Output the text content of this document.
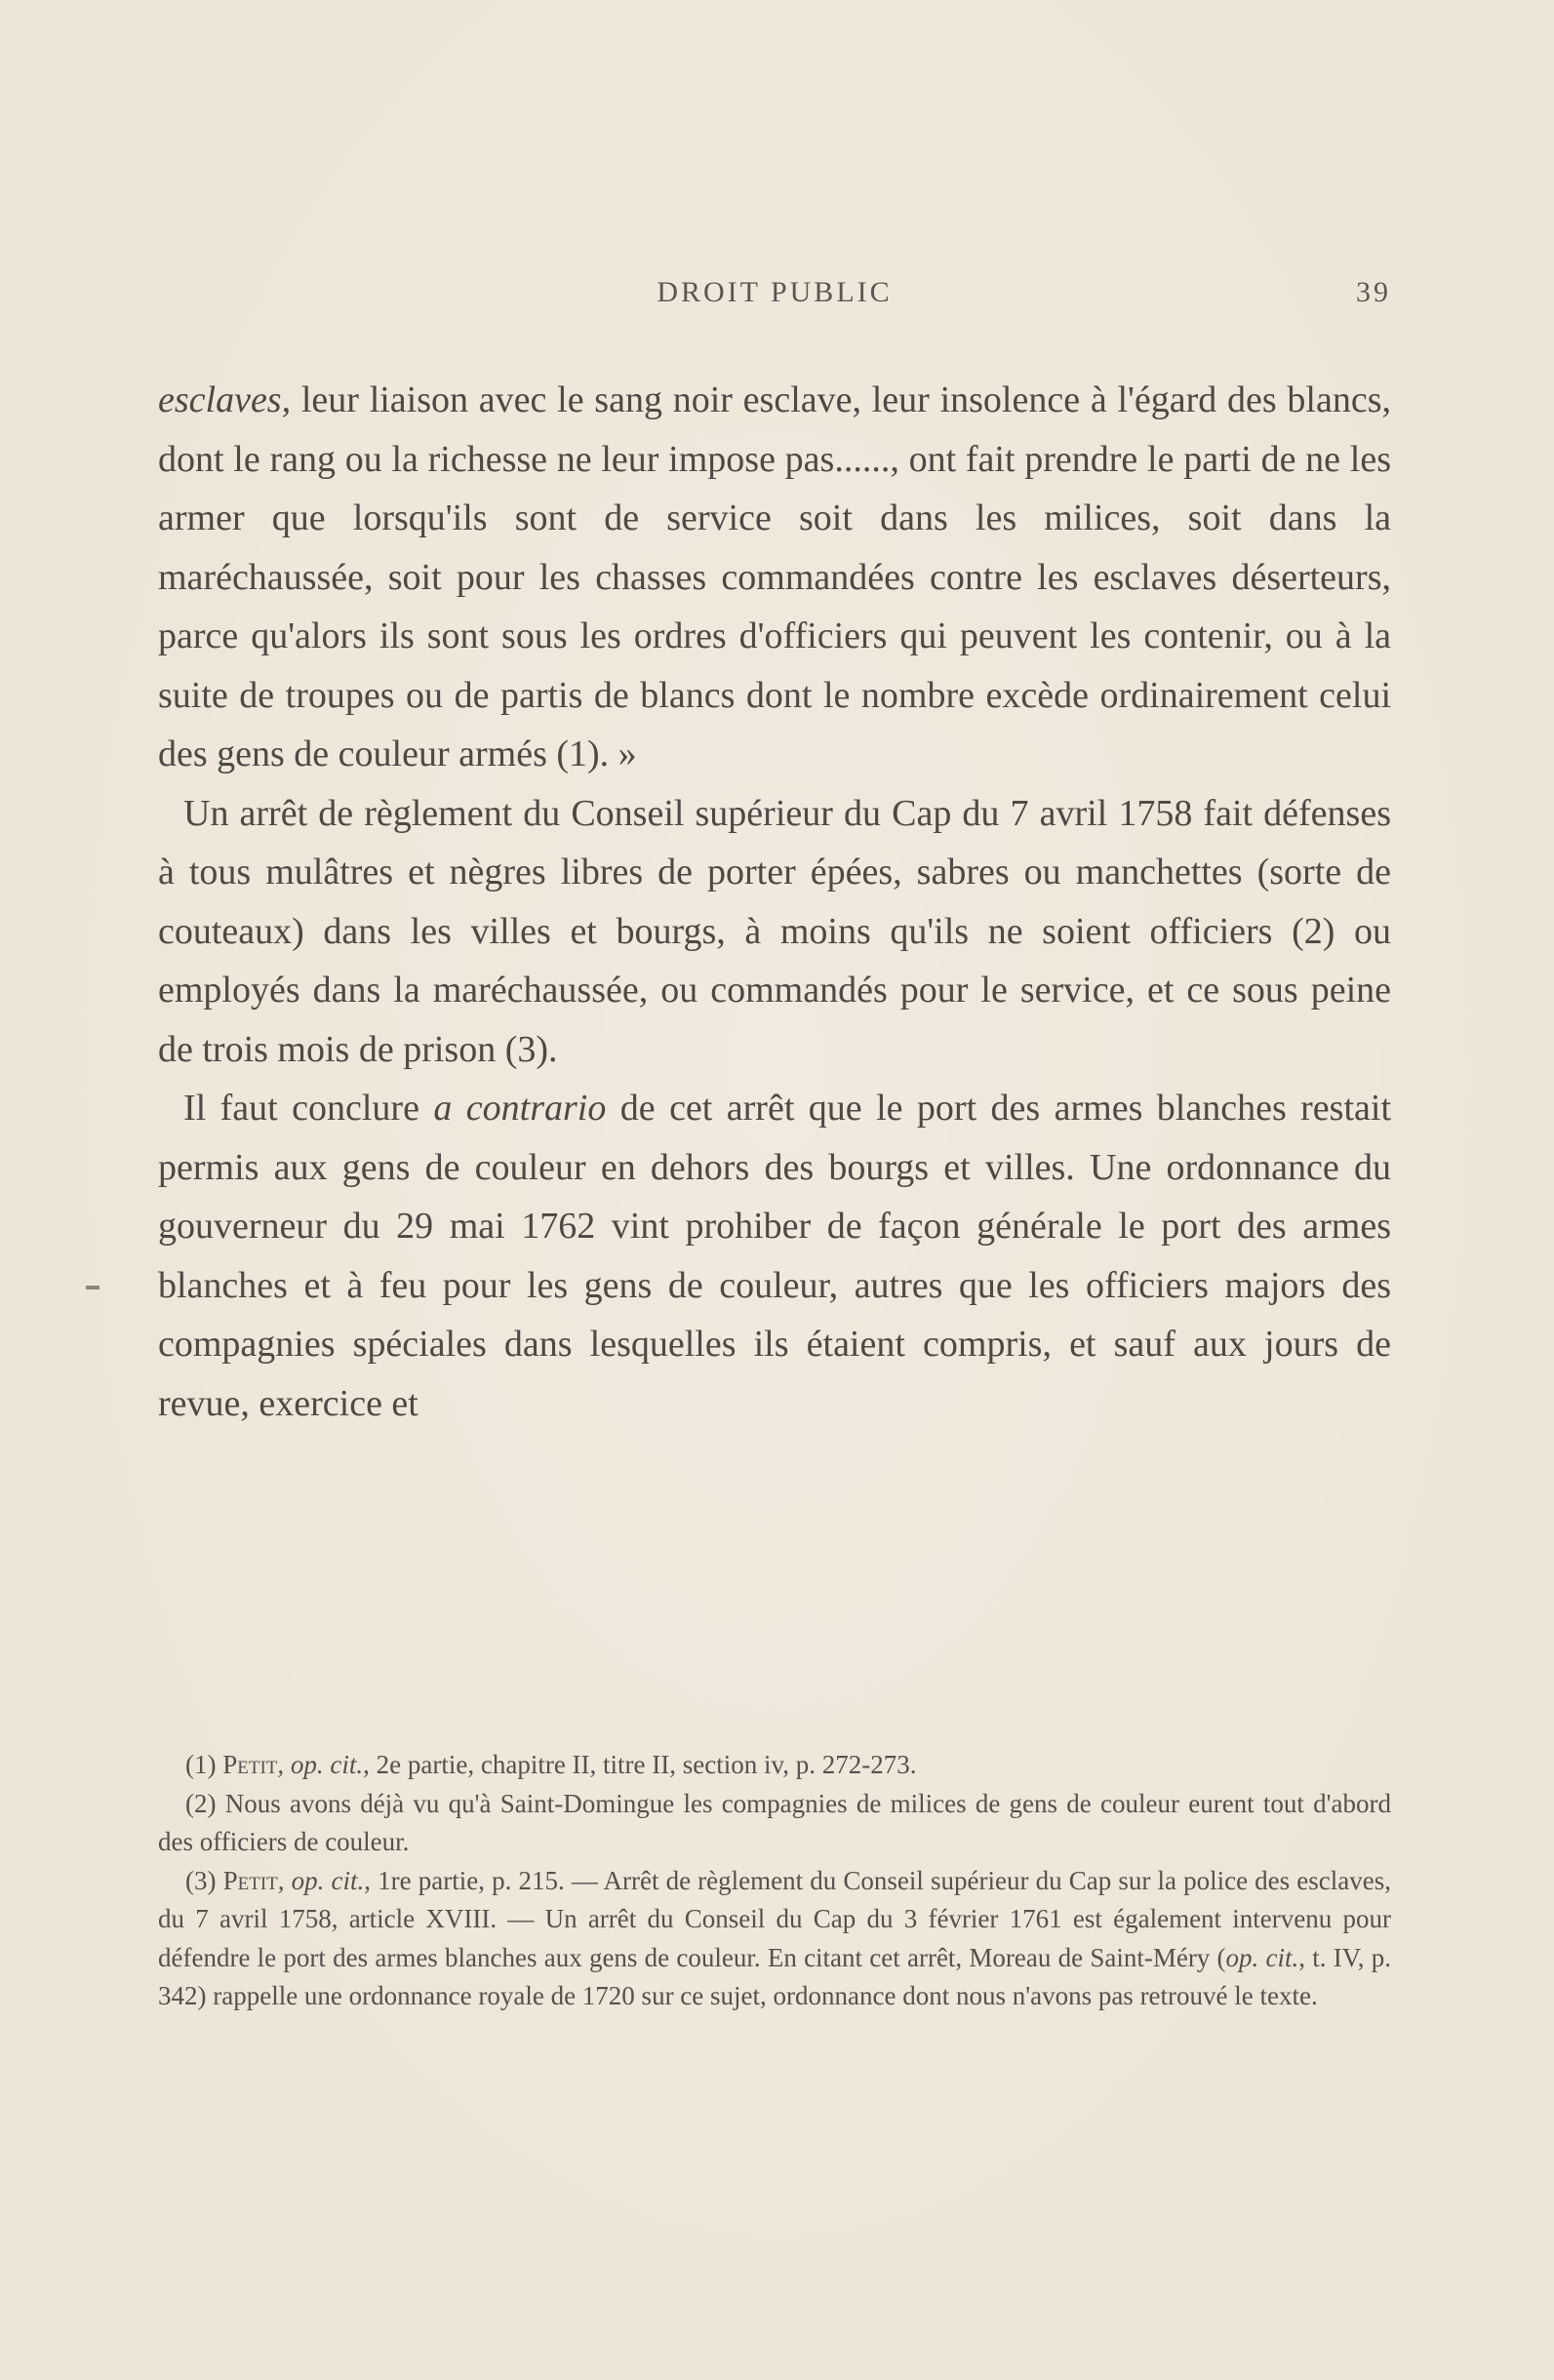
DROIT PUBLIC	39

esclaves, leur liaison avec le sang noir esclave, leur insolence à l'égard des blancs, dont le rang ou la richesse ne leur impose pas......, ont fait prendre le parti de ne les armer que lorsqu'ils sont de service soit dans les milices, soit dans la maréchaussée, soit pour les chasses commandées contre les esclaves déserteurs, parce qu'alors ils sont sous les ordres d'officiers qui peuvent les contenir, ou à la suite de troupes ou de partis de blancs dont le nombre excède ordinairement celui des gens de couleur armés (1). »

Un arrêt de règlement du Conseil supérieur du Cap du 7 avril 1758 fait défenses à tous mulâtres et nègres libres de porter épées, sabres ou manchettes (sorte de couteaux) dans les villes et bourgs, à moins qu'ils ne soient officiers (2) ou employés dans la maréchaussée, ou commandés pour le service, et ce sous peine de trois mois de prison (3).

Il faut conclure a contrario de cet arrêt que le port des armes blanches restait permis aux gens de couleur en dehors des bourgs et villes. Une ordonnance du gouverneur du 29 mai 1762 vint prohiber de façon générale le port des armes blanches et à feu pour les gens de couleur, autres que les officiers majors des compagnies spéciales dans lesquelles ils étaient compris, et sauf aux jours de revue, exercice et

(1) Petit, op. cit., 2e partie, chapitre II, titre II, section iv, p. 272-273.

(2) Nous avons déjà vu qu'à Saint-Domingue les compagnies de milices de gens de couleur eurent tout d'abord des officiers de couleur.

(3) Petit, op. cit., 1re partie, p. 215. — Arrêt de règlement du Conseil supérieur du Cap sur la police des esclaves, du 7 avril 1758, article XVIII. — Un arrêt du Conseil du Cap du 3 février 1761 est également intervenu pour défendre le port des armes blanches aux gens de couleur. En citant cet arrêt, Moreau de Saint-Méry (op. cit., t. IV, p. 342) rappelle une ordonnance royale de 1720 sur ce sujet, ordonnance dont nous n'avons pas retrouvé le texte.
